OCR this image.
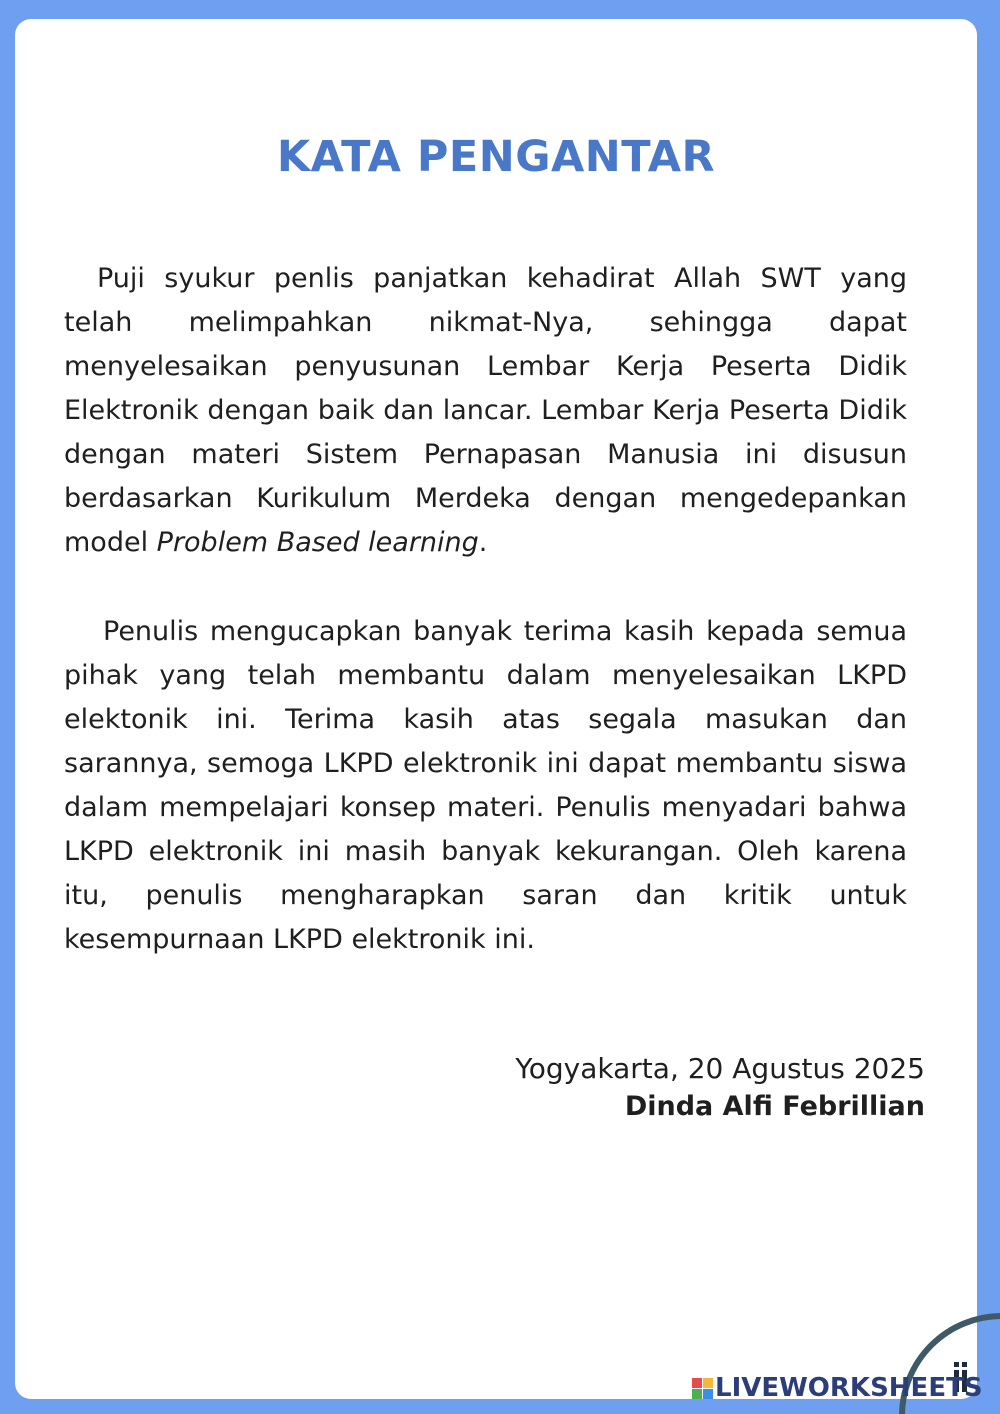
KATA PENGANTAR

Puji syukur penlis panjatkan kehadirat Allah SWT yang telah melimpahkan nikmat-Nya, sehingga dapat menyelesaikan penyusunan Lembar Kerja Peserta Didik Elektronik dengan baik dan lancar. Lembar Kerja Peserta Didik dengan materi Sistem Pernapasan Manusia ini disusun berdasarkan Kurikulum Merdeka dengan mengedepankan model Problem Based learning.

Penulis mengucapkan banyak terima kasih kepada semua pihak yang telah membantu dalam menyelesaikan LKPD elektonik ini. Terima kasih atas segala masukan dan sarannya, semoga LKPD elektronik ini dapat membantu siswa dalam mempelajari konsep materi. Penulis menyadari bahwa LKPD elektronik ini masih banyak kekurangan. Oleh karena itu, penulis mengharapkan saran dan kritik untuk kesempurnaan LKPD elektronik ini.

Yogyakarta, 20 Agustus 2025

Dinda Alfi Febrillian

LIVEWORKSHEETS
